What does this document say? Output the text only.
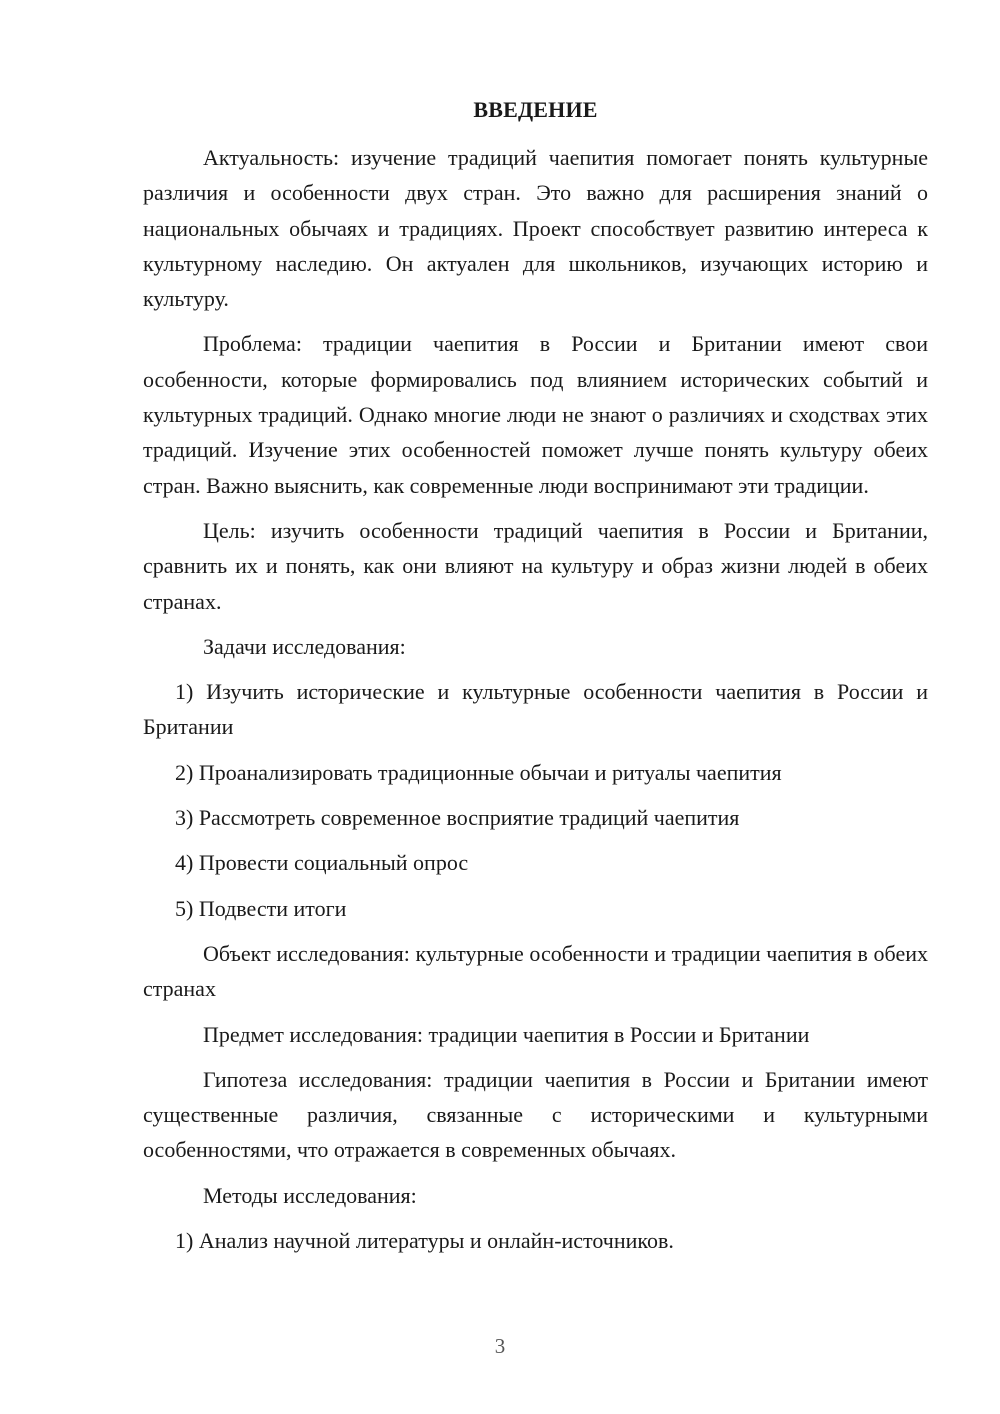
ВВЕДЕНИЕ

Актуальность: изучение традиций чаепития помогает понять культурные различия и особенности двух стран. Это важно для расширения знаний о национальных обычаях и традициях. Проект способствует развитию интереса к культурному наследию. Он актуален для школьников, изучающих историю и культуру.

Проблема: традиции чаепития в России и Британии имеют свои особенности, которые формировались под влиянием исторических событий и культурных традиций. Однако многие люди не знают о различиях и сходствах этих традиций. Изучение этих особенностей поможет лучше понять культуру обеих стран. Важно выяснить, как современные люди воспринимают эти традиции.

Цель: изучить особенности традиций чаепития в России и Британии, сравнить их и понять, как они влияют на культуру и образ жизни людей в обеих странах.

Задачи исследования:

1) Изучить исторические и культурные особенности чаепития в России и Британии

2) Проанализировать традиционные обычаи и ритуалы чаепития

3) Рассмотреть современное восприятие традиций чаепития

4) Провести социальный опрос

5) Подвести итоги

Объект исследования: культурные особенности и традиции чаепития в обеих странах

Предмет исследования: традиции чаепития в России и Британии

Гипотеза исследования: традиции чаепития в России и Британии имеют существенные различия, связанные с историческими и культурными особенностями, что отражается в современных обычаях.

Методы исследования:

1) Анализ научной литературы и онлайн-источников.

3
